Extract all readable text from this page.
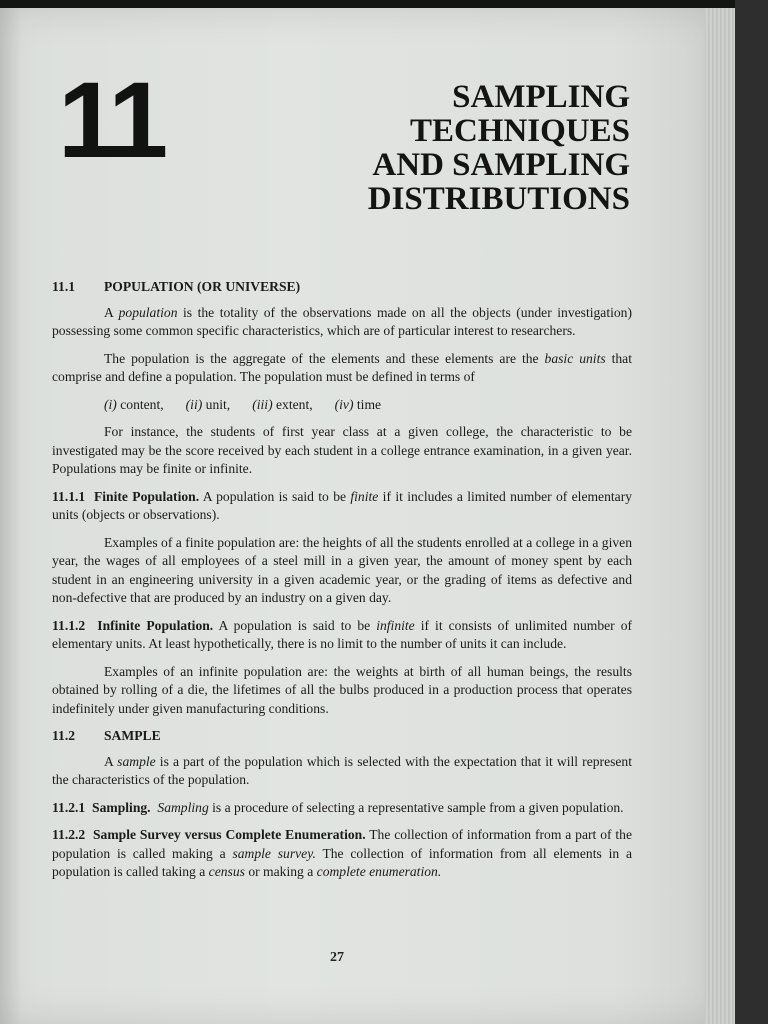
11	SAMPLING
TECHNIQUES
AND SAMPLING
DISTRIBUTIONS
11.1	POPULATION (OR UNIVERSE)

A population is the totality of the observations made on all the objects (under investigation) possessing some common specific characteristics, which are of particular interest to researchers.

The population is the aggregate of the elements and these elements are the basic units that comprise and define a population. The population must be defined in terms of

(i) content, (ii) unit, (iii) extent, (iv) time

For instance, the students of first year class at a given college, the characteristic to be investigated may be the score received by each student in a college entrance examination, in a given year. Populations may be finite or infinite.

11.1.1 Finite Population. A population is said to be finite if it includes a limited number of elementary units (objects or observations).

Examples of a finite population are: the heights of all the students enrolled at a college in a given year, the wages of all employees of a steel mill in a given year, the amount of money spent by each student in an engineering university in a given academic year, or the grading of items as defective and non-defective that are produced by an industry on a given day.

11.1.2 Infinite Population. A population is said to be infinite if it consists of unlimited number of elementary units. At least hypothetically, there is no limit to the number of units it can include.

Examples of an infinite population are: the weights at birth of all human beings, the results obtained by rolling of a die, the lifetimes of all the bulbs produced in a production process that operates indefinitely under given manufacturing conditions.

11.2	SAMPLE

A sample is a part of the population which is selected with the expectation that it will represent the characteristics of the population.

11.2.1 Sampling. Sampling is a procedure of selecting a representative sample from a given population.

11.2.2 Sample Survey versus Complete Enumeration. The collection of information from a part of the population is called making a sample survey. The collection of information from all elements in a population is called taking a census or making a complete enumeration.

27
